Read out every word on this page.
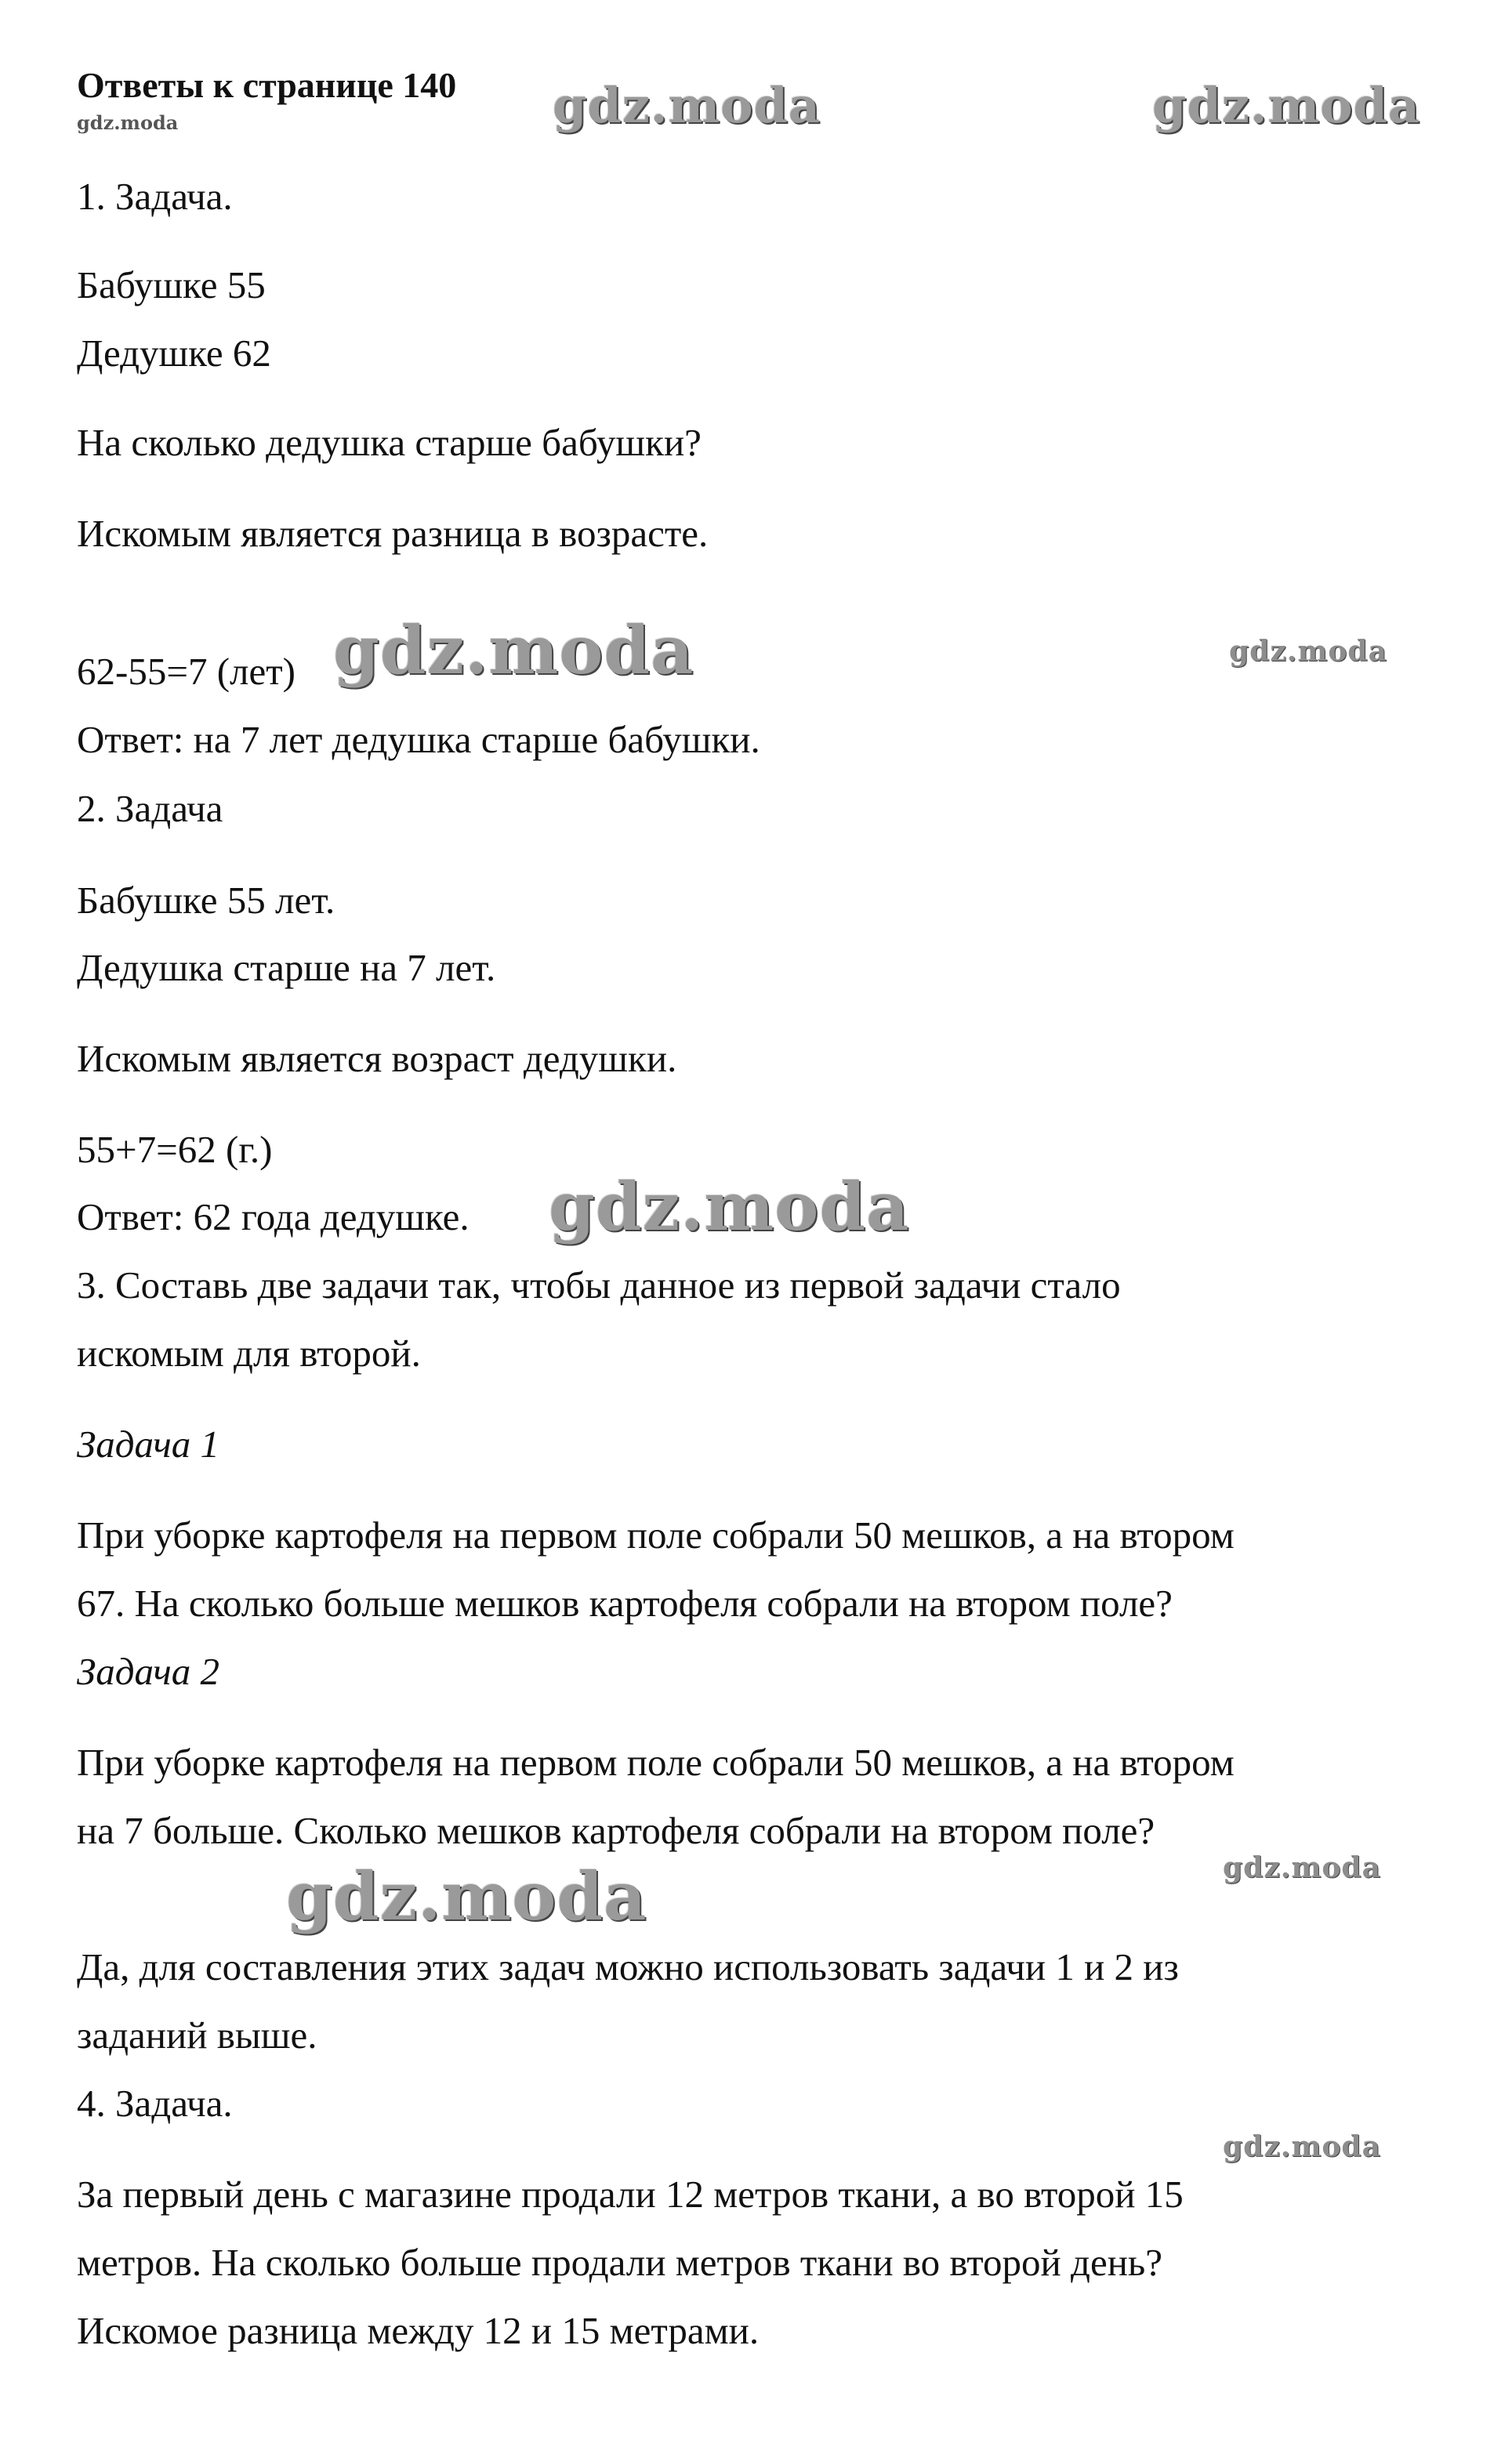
Ответы к странице 140
1. Задача.
Бабушке 55
Дедушке 62
На сколько дедушка старше бабушки?
Искомым является разница в возрасте.
62-55=7 (лет)
Ответ: на 7 лет дедушка старше бабушки.
2. Задача
Бабушке 55 лет.
Дедушка старше на 7 лет.
Искомым является возраст дедушки.
55+7=62 (г.)
Ответ: 62 года дедушке.
3. Составь две задачи так, чтобы данное из первой задачи стало
искомым для второй.
Задача 1
При уборке картофеля на первом поле собрали 50 мешков, а на втором
67. На сколько больше мешков картофеля собрали на втором поле?
Задача 2
При уборке картофеля на первом поле собрали 50 мешков, а на втором
на 7 больше. Сколько мешков картофеля собрали на втором поле?
Да, для составления этих задач можно использовать задачи 1 и 2 из
заданий выше.
4. Задача.
За первый день с магазине продали 12 метров ткани, а во второй 15
метров. На сколько больше продали метров ткани во второй день?
Искомое разница между 12 и 15 метрами.
gdz.moda	gdz.moda	gdz.moda
gdz.moda	gdz.moda
gdz.moda
gdz.moda
gdz.moda
gdz.moda
